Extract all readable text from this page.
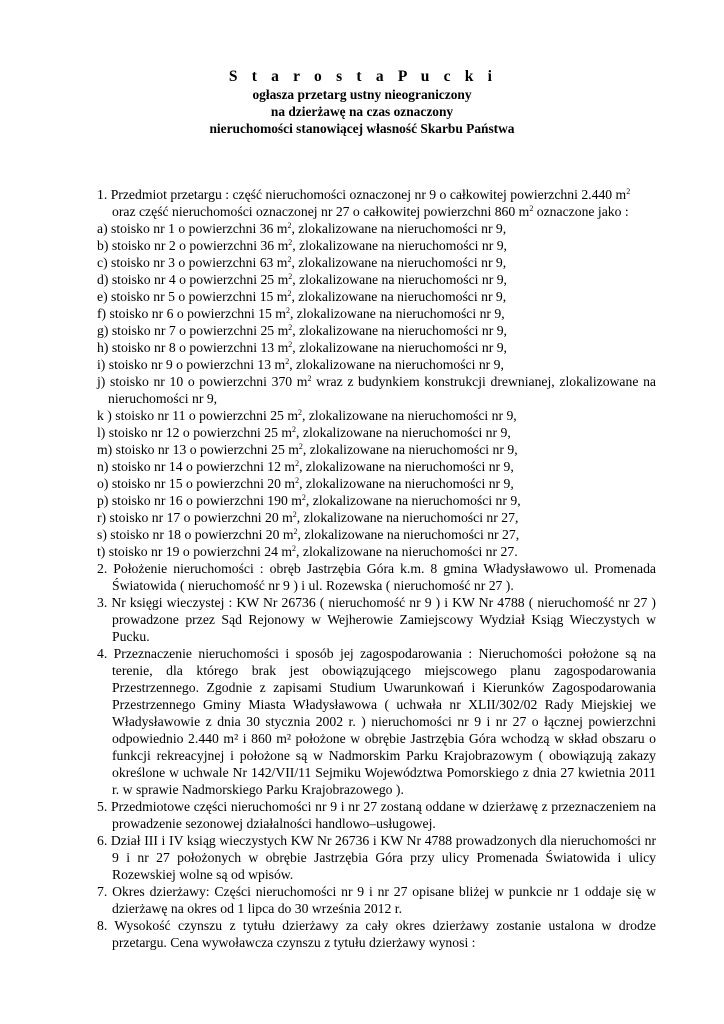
S t a r o s t a P u c k i
ogłasza przetarg ustny nieograniczony
na dzierżawę na czas oznaczony
nieruchomości stanowiącej własność Skarbu Państwa

1. Przedmiot przetargu : część nieruchomości oznaczonej nr 9 o całkowitej powierzchni 2.440 $m^2$

oraz część nieruchomości oznaczonej nr 27 o całkowitej powierzchni 860 $m^2$ oznaczone jako :

a) stoisko nr 1 o powierzchni 36 $m^2$, zlokalizowane na nieruchomości nr 9,

b) stoisko nr 2 o powierzchni 36 $m^2$, zlokalizowane na nieruchomości nr 9,

c) stoisko nr 3 o powierzchni 63 $m^2$, zlokalizowane na nieruchomości nr 9,

d) stoisko nr 4 o powierzchni 25 $m^2$, zlokalizowane na nieruchomości nr 9,

e) stoisko nr 5 o powierzchni 15 $m^2$, zlokalizowane na nieruchomości nr 9,

f) stoisko nr 6 o powierzchni 15 $m^2$, zlokalizowane na nieruchomości nr 9,

g) stoisko nr 7 o powierzchni 25 $m^2$, zlokalizowane na nieruchomości nr 9,

h) stoisko nr 8 o powierzchni 13 $m^2$, zlokalizowane na nieruchomości nr 9,

i) stoisko nr 9 o powierzchni 13 $m^2$, zlokalizowane na nieruchomości nr 9,

j) stoisko nr 10 o powierzchni 370 $m^2$ wraz z budynkiem konstrukcji drewnianej, zlokalizowane na nieruchomości nr 9,

k ) stoisko nr 11 o powierzchni 25 $m^2$, zlokalizowane na nieruchomości nr 9,

l) stoisko nr 12 o powierzchni 25 $m^2$, zlokalizowane na nieruchomości nr 9,

m) stoisko nr 13 o powierzchni 25 $m^2$, zlokalizowane na nieruchomości nr 9,

n) stoisko nr 14 o powierzchni 12 $m^2$, zlokalizowane na nieruchomości nr 9,

o) stoisko nr 15 o powierzchni 20 $m^2$, zlokalizowane na nieruchomości nr 9,

p) stoisko nr 16 o powierzchni 190 $m^2$, zlokalizowane na nieruchomości nr 9,

r) stoisko nr 17 o powierzchni 20 $m^2$, zlokalizowane na nieruchomości nr 27,

s) stoisko nr 18 o powierzchni 20 $m^2$, zlokalizowane na nieruchomości nr 27,

t) stoisko nr 19 o powierzchni 24 $m^2$, zlokalizowane na nieruchomości nr 27.

2. Położenie nieruchomości : obręb Jastrzębia Góra k.m. 8 gmina Władysławowo ul. Promenada Światowida ( nieruchomość nr 9 ) i ul. Rozewska ( nieruchomość nr 27 ).

3. Nr księgi wieczystej : KW Nr 26736 ( nieruchomość nr 9 ) i KW Nr 4788 ( nieruchomość nr 27 ) prowadzone przez Sąd Rejonowy w Wejherowie Zamiejscowy Wydział Ksiąg Wieczystych w Pucku.

4. Przeznaczenie nieruchomości i sposób jej zagospodarowania : Nieruchomości położone są na terenie, dla którego brak jest obowiązującego miejscowego planu zagospodarowania Przestrzennego. Zgodnie z zapisami Studium Uwarunkowań i Kierunków Zagospodarowania Przestrzennego Gminy Miasta Władysławowa ( uchwała nr XLII/302/02 Rady Miejskiej we Władysławowie z dnia 30 stycznia 2002 r. ) nieruchomości nr 9 i nr 27 o łącznej powierzchni odpowiednio 2.440 m² i 860 m² położone w obrębie Jastrzębia Góra wchodzą w skład obszaru o funkcji rekreacyjnej i położone są w Nadmorskim Parku Krajobrazowym ( obowiązują zakazy określone w uchwale Nr 142/VII/11 Sejmiku Województwa Pomorskiego z dnia 27 kwietnia 2011 r. w sprawie Nadmorskiego Parku Krajobrazowego ).

5. Przedmiotowe części nieruchomości nr 9 i nr 27 zostaną oddane w dzierżawę z przeznaczeniem na prowadzenie sezonowej działalności handlowo–usługowej.

6. Dział III i IV ksiąg wieczystych KW Nr 26736 i KW Nr 4788 prowadzonych dla nieruchomości nr 9 i nr 27 położonych w obrębie Jastrzębia Góra przy ulicy Promenada Światowida i ulicy Rozewskiej wolne są od wpisów.

7. Okres dzierżawy: Części nieruchomości nr 9 i nr 27 opisane bliżej w punkcie nr 1 oddaje się w dzierżawę na okres od 1 lipca do 30 września 2012 r.

8. Wysokość czynszu z tytułu dzierżawy za cały okres dzierżawy zostanie ustalona w drodze przetargu. Cena wywoławcza czynszu z tytułu dzierżawy wynosi :
